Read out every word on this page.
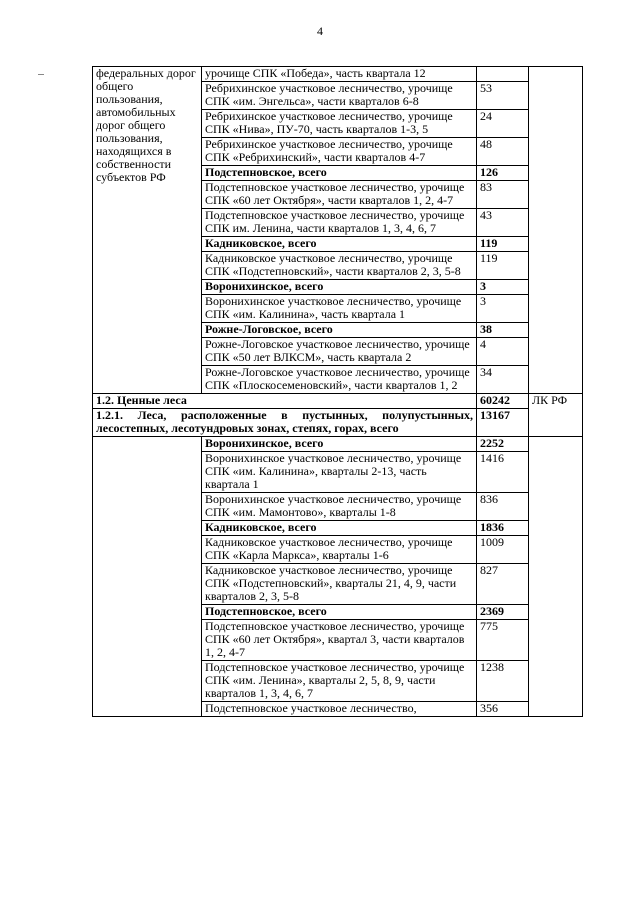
4
федеральных дорог общего пользования, автомобильных дорог общего пользования, находящихся в собственности субъектов РФ	урочище СПК «Победа», часть квартала 12		
	Ребрихинское участковое лесничество, урочище СПК «им. Энгельса», части кварталов 6-8	53	
	Ребрихинское участковое лесничество, урочище СПК «Нива», ПУ-70, часть кварталов 1-3, 5	24	
	Ребрихинское участковое лесничество, урочище СПК «Ребрихинский», части кварталов 4-7	48	
	Подстепновское, всего	126	
	Подстепновское участковое лесничество, урочище СПК «60 лет Октября», части кварталов 1, 2, 4-7	83	
	Подстепновское участковое лесничество, урочище СПК им. Ленина, части кварталов 1, 3, 4, 6, 7	43	
	Кадниковское, всего	119	
	Кадниковское участковое лесничество, урочище СПК «Подстепновский», части кварталов 2, 3, 5-8	119	
	Воронихинское, всего	3	
	Воронихинское участковое лесничество, урочище СПК «им. Калинина», часть квартала 1	3	
	Рожне-Логовское, всего	38	
	Рожне-Логовское участковое лесничество, урочище СПК «50 лет ВЛКСМ», часть квартала 2	4	
	Рожне-Логовское участковое лесничество, урочище СПК «Плоскосеменовский», части кварталов 1, 2	34	
1.2. Ценные леса		60242	ЛК РФ
1.2.1. Леса, расположенные в пустынных, полупустынных, лесостепных, лесотундровых зонах, степях, горах, всего		13167	
	Воронихинское, всего	2252	
	Воронихинское участковое лесничество, урочище СПК «им. Калинина», кварталы 2-13, часть квартала 1	1416	
	Воронихинское участковое лесничество, урочище СПК «им. Мамонтово», кварталы 1-8	836	
	Кадниковское, всего	1836	
	Кадниковское участковое лесничество, урочище СПК «Карла Маркса», кварталы 1-6	1009	
	Кадниковское участковое лесничество, урочище СПК «Подстепновский», кварталы 21, 4, 9, части кварталов 2, 3, 5-8	827	
	Подстепновское, всего	2369	
	Подстепновское участковое лесничество, урочище СПК «60 лет Октября», квартал 3, части кварталов 1, 2, 4-7	775	
	Подстепновское участковое лесничество, урочище СПК «им. Ленина», кварталы 2, 5, 8, 9, части кварталов 1, 3, 4, 6, 7	1238	
	Подстепновское участковое лесничество,	356	
